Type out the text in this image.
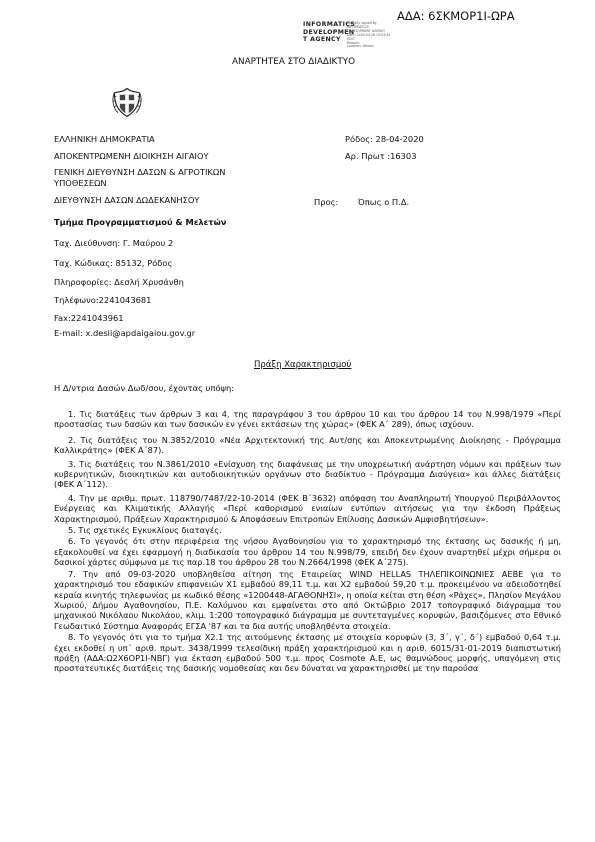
ΑΔΑ: 6ΣΚΜΟΡ1Ι-ΩΡΑ
INFORMATICS
DEVELOPMEN
T AGENCY
Digitally signed by
INFORMATICS
DEVELOPMENT AGENCY
Date: 2020.04.28 13:53:44
EEST
Reason:
Location: Athens
ΑΝΑΡΤΗΤΕΑ ΣΤΟ ΔΙΑΔΙΚΤΥΟ
ΕΛΛΗΝΙΚΗ ΔΗΜΟΚΡΑΤΙΑ
ΑΠΟΚΕΝΤΡΩΜΕΝΗ ΔΙΟΙΚΗΣΗ ΑΙΓΑΙΟΥ
ΓΕΝΙΚΗ ΔΙΕΥΘΥΝΣΗ ΔΑΣΩΝ & ΑΓΡΟΤΙΚΩΝ ΥΠΟΘΕΣΕΩΝ
ΔΙΕΥΘΥΝΣΗ ΔΑΣΩΝ ΔΩΔΕΚΑΝΗΣΟΥ
Τμήμα Προγραμματισμού & Μελετών
Ρόδος: 28-04-2020
Αρ. Πρωτ :16303
Προς: Όπως ο Π.Δ.
Ταχ. Διεύθυνση: Γ. Μαύρου 2
Ταχ. Κώδικας: 85132, Ρόδος
Πληροφορίες: Δεσλή Χρυσάνθη
Τηλέφωνο:2241043681
Fax:2241043961
E-mail: x.desli@apdaigaiou.gov.gr
Πράξη Χαρακτηρισμού
Η Δ/ντρια Δασών Δωδ/σου, έχοντας υπόψη:

1. Τις διατάξεις των άρθρων 3 και 4, της παραγράφου 3 του άρθρου 10 και του άρθρου 14 του Ν.998/1979 «Περί προστασίας των δασών και των δασικών εν γένει εκτάσεων της χώρας» (ΦΕΚ Α΄ 289), όπως ισχύουν.

2. Τις διατάξεις του Ν.3852/2010 «Νέα Αρχιτεκτονική της Αυτ/σης και Αποκεντρωμένης Διοίκησης - Πρόγραμμα Καλλικράτης» (ΦΕΚ Α΄87).

3. Τις διατάξεις του Ν.3861/2010 «Ενίσχυση της διαφάνειας με την υποχρεωτική ανάρτηση νόμων και πράξεων των κυβερνητικών, διοικητικών και αυτοδιοικητικών οργάνων στο διαδίκτυο - Πρόγραμμα Διαύγεια» και άλλες διατάξεις (ΦΕΚ Α΄112).

4. Την με αριθμ. πρωτ. 118790/7487/22-10-2014 (ΦΕΚ Β΄3632) απόφαση του Αναπληρωτή Υπουργού Περιβάλλοντος Ενέργειας και Κλιματικής Αλλαγής «Περί καθορισμού ενιαίων εντύπων αιτήσεως για την έκδοση Πράξεως Χαρακτηρισμού, Πράξεων Χαρακτηρισμού & Αποφάσεων Επιτροπών Επίλυσης Δασικών Αμφισβητήσεων».

5. Τις σχετικές Εγκυκλίους διαταγές.

6. Το γεγονός ότι στην περιφέρεια της νήσου Αγαθονησίου για το χαρακτηρισμό της έκτασης ως δασικής ή μη, εξακολουθεί να έχει εφαρμογή η διαδικασία του άρθρου 14 του Ν.998/79, επειδή δεν έχουν αναρτηθεί μέχρι σήμερα οι δασικοί χάρτες σύμφωνα με τις παρ.18 του άρθρου 28 του Ν.2664/1998 (ΦΕΚ Α΄275).

7. Την από 09-03-2020 υποβληθείσα αίτηση της Εταιρείας WIND HELLAS ΤΗΛΕΠΙΚΟΙΝΩΝΙΕΣ ΑΕΒΕ για το χαρακτηρισμό του εδαφικών επιφανειών Χ1 εμβαδού 89,11 τ.μ. και Χ2 εμβαδού 59,20 τ.μ. προκειμένου να αδειοδοτηθεί κεραία κινητής τηλεφωνίας με κωδικό θέσης «1200448-ΑΓΑΘΟΝΗΣΙ», η οποία κείται στη θέση «Ράχες», Πλησίον Μεγάλου Χωριού, Δήμου Αγαθονησίου, Π.Ε. Καλύμνου και εμφαίνεται στο από Οκτώβριο 2017 τοπογραφικό διάγραμμα του μηχανικού Νικόλαου Νικολάου, κλιμ. 1:200 τοπογραφικό διάγραμμα με συντεταγμένες κορυφών, βασιζόμενες στο Εθνικό Γεωδαιτικό Σύστημα Αναφοράς ΕΓΣΑ '87 και τα δια αυτής υποβληθέντα στοιχεία.

8. Το γεγονός ότι για το τμήμα Χ2.1 της αιτούμενης έκτασης με στοιχεία κορυφών (3, 3΄, γ΄, δ΄) εμβαδού 0,64 τ.μ. έχει εκδοθεί η υπ΄ αριθ. πρωτ. 3438/1999 τελεσίδικη πράξη χαρακτηρισμού και η αριθ. 6015/31-01-2019 διαπιστωτική πράξη (ΑΔΑ:Ω2Χ6ΟΡ1Ι-ΝΒΓ) για έκταση εμβαδού 500 τ.μ. προς Cosmote Α.Ε, ως θαμνώδους μορφής, υπαγόμενη στις προστατευτικές διατάξεις της δασικής νομοθεσίας και δεν δύναται να χαρακτηρισθεί με την παρούσα
